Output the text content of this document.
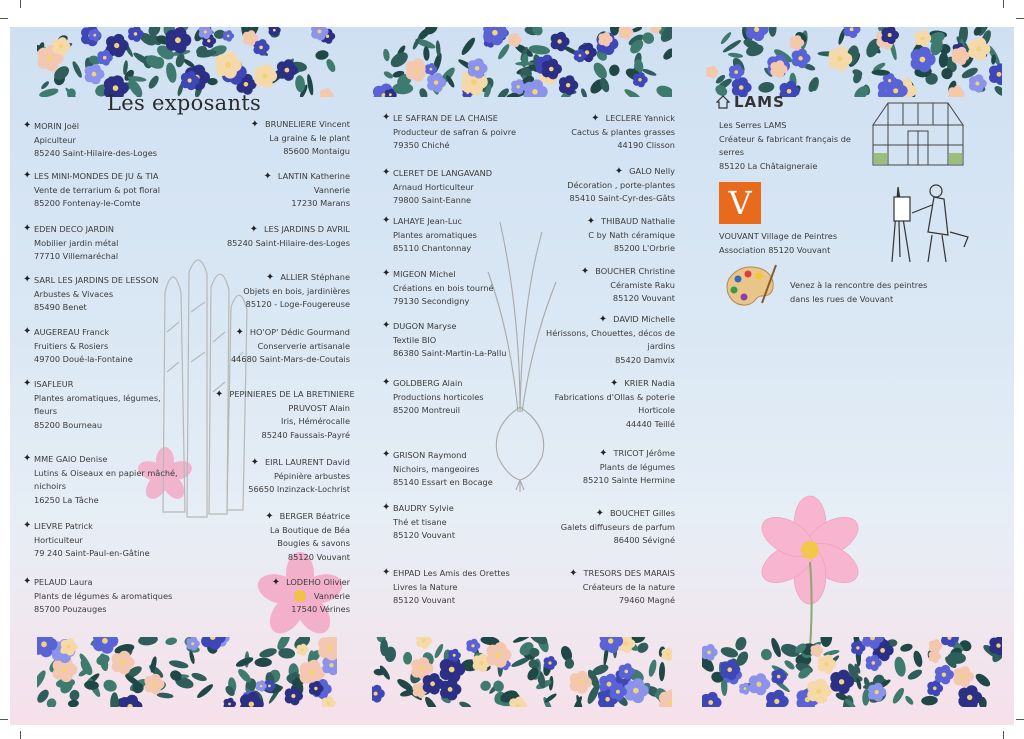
Les exposants
✦ MORIN Joël
Apiculteur
85240 Saint-Hilaire-des-Loges
✦ LES MINI-MONDES DE JU & TIA
Vente de terrarium & pot floral
85200 Fontenay-le-Comte
✦ EDEN DECO JARDIN
Mobilier jardin métal
77710 Villemaréchal
✦ SARL LES JARDINS DE LESSON
Arbustes & Vivaces
85490 Benet
✦ AUGEREAU Franck
Fruitiers & Rosiers
49700 Doué-la-Fontaine
✦ ISAFLEUR
Plantes aromatiques, légumes,
fleurs
85200 Bourneau
✦ MME GAIO Denise
Lutins & Oiseaux en papier mâché,
nichoirs
16250 La Tâche
✦ LIEVRE Patrick
Horticulteur
79 240 Saint-Paul-en-Gâtine
✦ PELAUD Laura
Plants de légumes & aromatiques
85700 Pouzauges
✦ BRUNELIERE Vincent
La graine & le plant
85600 Montaigu
✦ LANTIN Katherine
Vannerie
17230 Marans
✦ LES JARDINS D AVRIL
85240 Saint-Hilaire-des-Loges
✦ ALLIER Stéphane
Objets en bois, jardinières
85120 - Loge-Fougereuse
✦ HO'OP' Dédic Gourmand
Conserverie artisanale
44680 Saint-Mars-de-Coutais
✦ PEPINIERES DE LA BRETINIERE
PRUVOST Alain
Iris, Hémérocalle
85240 Faussais-Payré
✦ EIRL LAURENT David
Pépinière arbustes
56650 Inzinzack-Lochrist
✦ BERGER Béatrice
La Boutique de Béa
Bougies & savons
85120 Vouvant
✦ LODEHO Olivier
Vannerie
17540 Vérines
✦ LE SAFRAN DE LA CHAISE
Producteur de safran & poivre
79350 Chiché
✦ CLERET DE LANGAVAND
Arnaud Horticulteur
79800 Saint-Eanne
✦ LAHAYE Jean-Luc
Plantes aromatiques
85110 Chantonnay
✦ MIGEON Michel
Créations en bois tourné
79130 Secondigny
✦ DUGON Maryse
Textile BIO
86380 Saint-Martin-La-Pallu
✦ GOLDBERG Alain
Productions horticoles
85200 Montreuil
✦ GRISON Raymond
Nichoirs, mangeoires
85140 Essart en Bocage
✦ BAUDRY Sylvie
Thé et tisane
85120 Vouvant
✦ EHPAD Les Amis des Orettes
Livres la Nature
85120 Vouvant
✦ LECLERE Yannick
Cactus & plantes grasses
44190 Clisson
✦ GALO Nelly
Décoration , porte-plantes
85410 Saint-Cyr-des-Gâts
✦ THIBAUD Nathalie
C by Nath céramique
85200 L'Orbrie
✦ BOUCHER Christine
Céramiste Raku
85120 Vouvant
✦ DAVID Michelle
Hérissons, Chouettes, décos de
jardins
85420 Damvix
✦ KRIER Nadia
Fabrications d'Ollas & poterie
Horticole
44440 Teillé
✦ TRICOT Jérôme
Plants de légumes
85210 Sainte Hermine
✦ BOUCHET Gilles
Galets diffuseurs de parfum
86400 Sévigné
✦ TRESORS DES MARAIS
Créateurs de la nature
79460 Magné
LAMS
Les Serres LAMS
Créateur & fabricant français de
serres
85120 La Châtaigneraie
V
VOUVANT Village de Peintres
Association 85120 Vouvant
Venez à la rencontre des peintres
dans les rues de Vouvant
